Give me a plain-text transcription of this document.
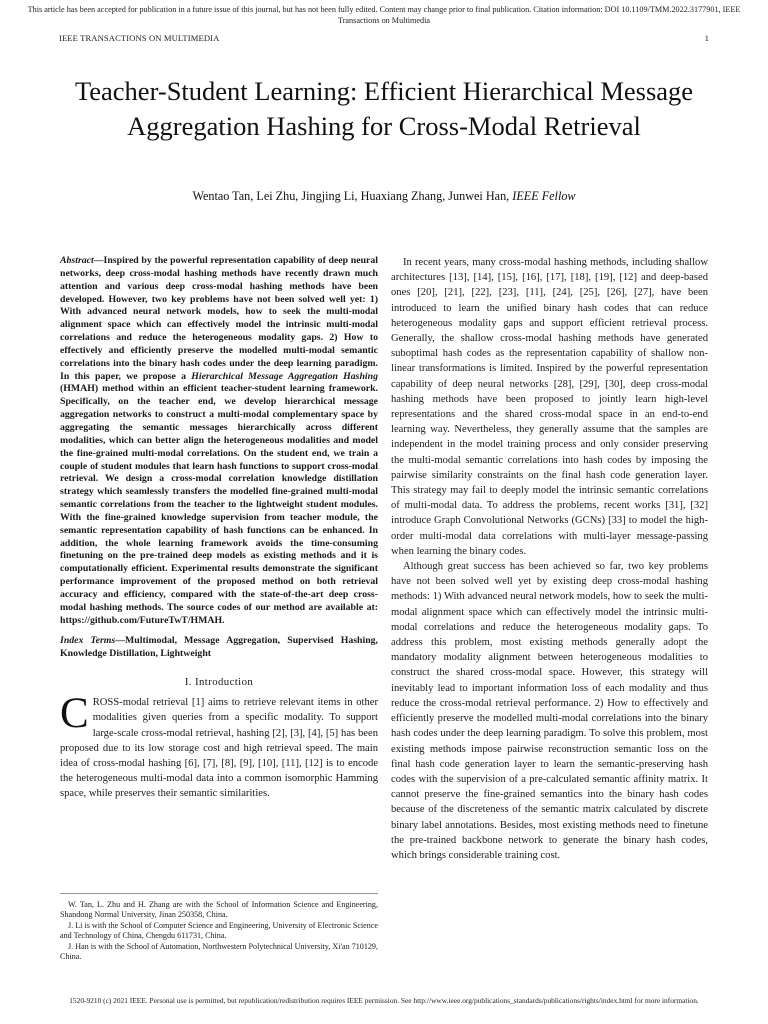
This article has been accepted for publication in a future issue of this journal, but has not been fully edited. Content may change prior to final publication. Citation information: DOI 10.1109/TMM.2022.3177901, IEEE Transactions on Multimedia
IEEE TRANSACTIONS ON MULTIMEDIA	1
Teacher-Student Learning: Efficient Hierarchical Message Aggregation Hashing for Cross-Modal Retrieval
Wentao Tan, Lei Zhu, Jingjing Li, Huaxiang Zhang, Junwei Han, IEEE Fellow

Abstract—Inspired by the powerful representation capability of deep neural networks, deep cross-modal hashing methods have recently drawn much attention and various deep cross-modal hashing methods have been developed. However, two key problems have not been solved well yet: 1) With advanced neural network models, how to seek the multi-modal alignment space which can effectively model the intrinsic multi-modal correlations and reduce the heterogeneous modality gaps. 2) How to effectively and efficiently preserve the modelled multi-modal semantic correlations into the binary hash codes under the deep learning paradigm. In this paper, we propose a Hierarchical Message Aggregation Hashing (HMAH) method within an efficient teacher-student learning framework. Specifically, on the teacher end, we develop hierarchical message aggregation networks to construct a multi-modal complementary space by aggregating the semantic messages hierarchically across different modalities, which can better align the heterogeneous modalities and model the fine-grained multi-modal correlations. On the student end, we train a couple of student modules that learn hash functions to support cross-modal retrieval. We design a cross-modal correlation knowledge distillation strategy which seamlessly transfers the modelled fine-grained multi-modal semantic correlations from the teacher to the lightweight student modules. With the fine-grained knowledge supervision from teacher module, the semantic representation capability of hash functions can be enhanced. In addition, the whole learning framework avoids the time-consuming finetuning on the pre-trained deep models as existing methods and it is computationally efficient. Experimental results demonstrate the significant performance improvement of the proposed method on both retrieval accuracy and efficiency, compared with the state-of-the-art deep cross-modal hashing methods. The source codes of our method are available at: https://github.com/FutureTwT/HMAH.

Index Terms—Multimodal, Message Aggregation, Supervised Hashing, Knowledge Distillation, Lightweight

I. Introduction

CROSS-modal retrieval [1] aims to retrieve relevant items in other modalities given queries from a specific modality. To support large-scale cross-modal retrieval, hashing [2], [3], [4], [5] has been proposed due to its low storage cost and high retrieval speed. The main idea of cross-modal hashing [6], [7], [8], [9], [10], [11], [12] is to encode the heterogeneous multi-modal data into a common isomorphic Hamming space, while preserves their semantic similarities.

W. Tan, L. Zhu and H. Zhang are with the School of Information Science and Engineering, Shandong Normal University, Jinan 250358, China.

J. Li is with the School of Computer Science and Engineering, University of Electronic Science and Technology of China, Chengdu 611731, China.

J. Han is with the School of Automation, Northwestern Polytechnical University, Xi'an 710129, China.

In recent years, many cross-modal hashing methods, including shallow architectures [13], [14], [15], [16], [17], [18], [19], [12] and deep-based ones [20], [21], [22], [23], [11], [24], [25], [26], [27], have been introduced to learn the unified binary hash codes that can reduce heterogeneous modality gaps and support efficient retrieval process. Generally, the shallow cross-modal hashing methods have generated suboptimal hash codes as the representation capability of shallow non-linear transformations is limited. Inspired by the powerful representation capability of deep neural networks [28], [29], [30], deep cross-modal hashing methods have been proposed to jointly learn high-level representations and the shared cross-modal space in an end-to-end learning way. Nevertheless, they generally assume that the samples are independent in the model training process and only consider preserving the multi-modal semantic correlations into hash codes by imposing the pairwise similarity constraints on the final hash code generation layer. This strategy may fail to deeply model the intrinsic semantic correlations of multi-modal data. To address the problems, recent works [31], [32] introduce Graph Convolutional Networks (GCNs) [33] to model the high-order multi-modal data correlations with multi-layer message-passing when learning the binary codes.

Although great success has been achieved so far, two key problems have not been solved well yet by existing deep cross-modal hashing methods: 1) With advanced neural network models, how to seek the multi-modal alignment space which can effectively model the intrinsic multi-modal correlations and reduce the heterogeneous modality gaps. To address this problem, most existing methods generally adopt the mandatory modality alignment between heterogeneous modalities to construct the shared cross-modal space. However, this strategy will inevitably lead to important information loss of each modality and thus reduce the cross-modal retrieval performance. 2) How to effectively and efficiently preserve the modelled multi-modal correlations into the binary hash codes under the deep learning paradigm. To solve this problem, most existing methods impose pairwise reconstruction semantic loss on the final hash code generation layer to learn the semantic-preserving hash codes with the supervision of a pre-calculated semantic affinity matrix. It cannot preserve the fine-grained semantics into the binary hash codes because of the discreteness of the semantic matrix calculated by discrete binary label annotations. Besides, most existing methods need to finetune the pre-trained backbone network to generate the binary hash codes, which brings considerable training cost.

1520-9210 (c) 2021 IEEE. Personal use is permitted, but republication/redistribution requires IEEE permission. See http://www.ieee.org/publications_standards/publications/rights/index.html for more information.
